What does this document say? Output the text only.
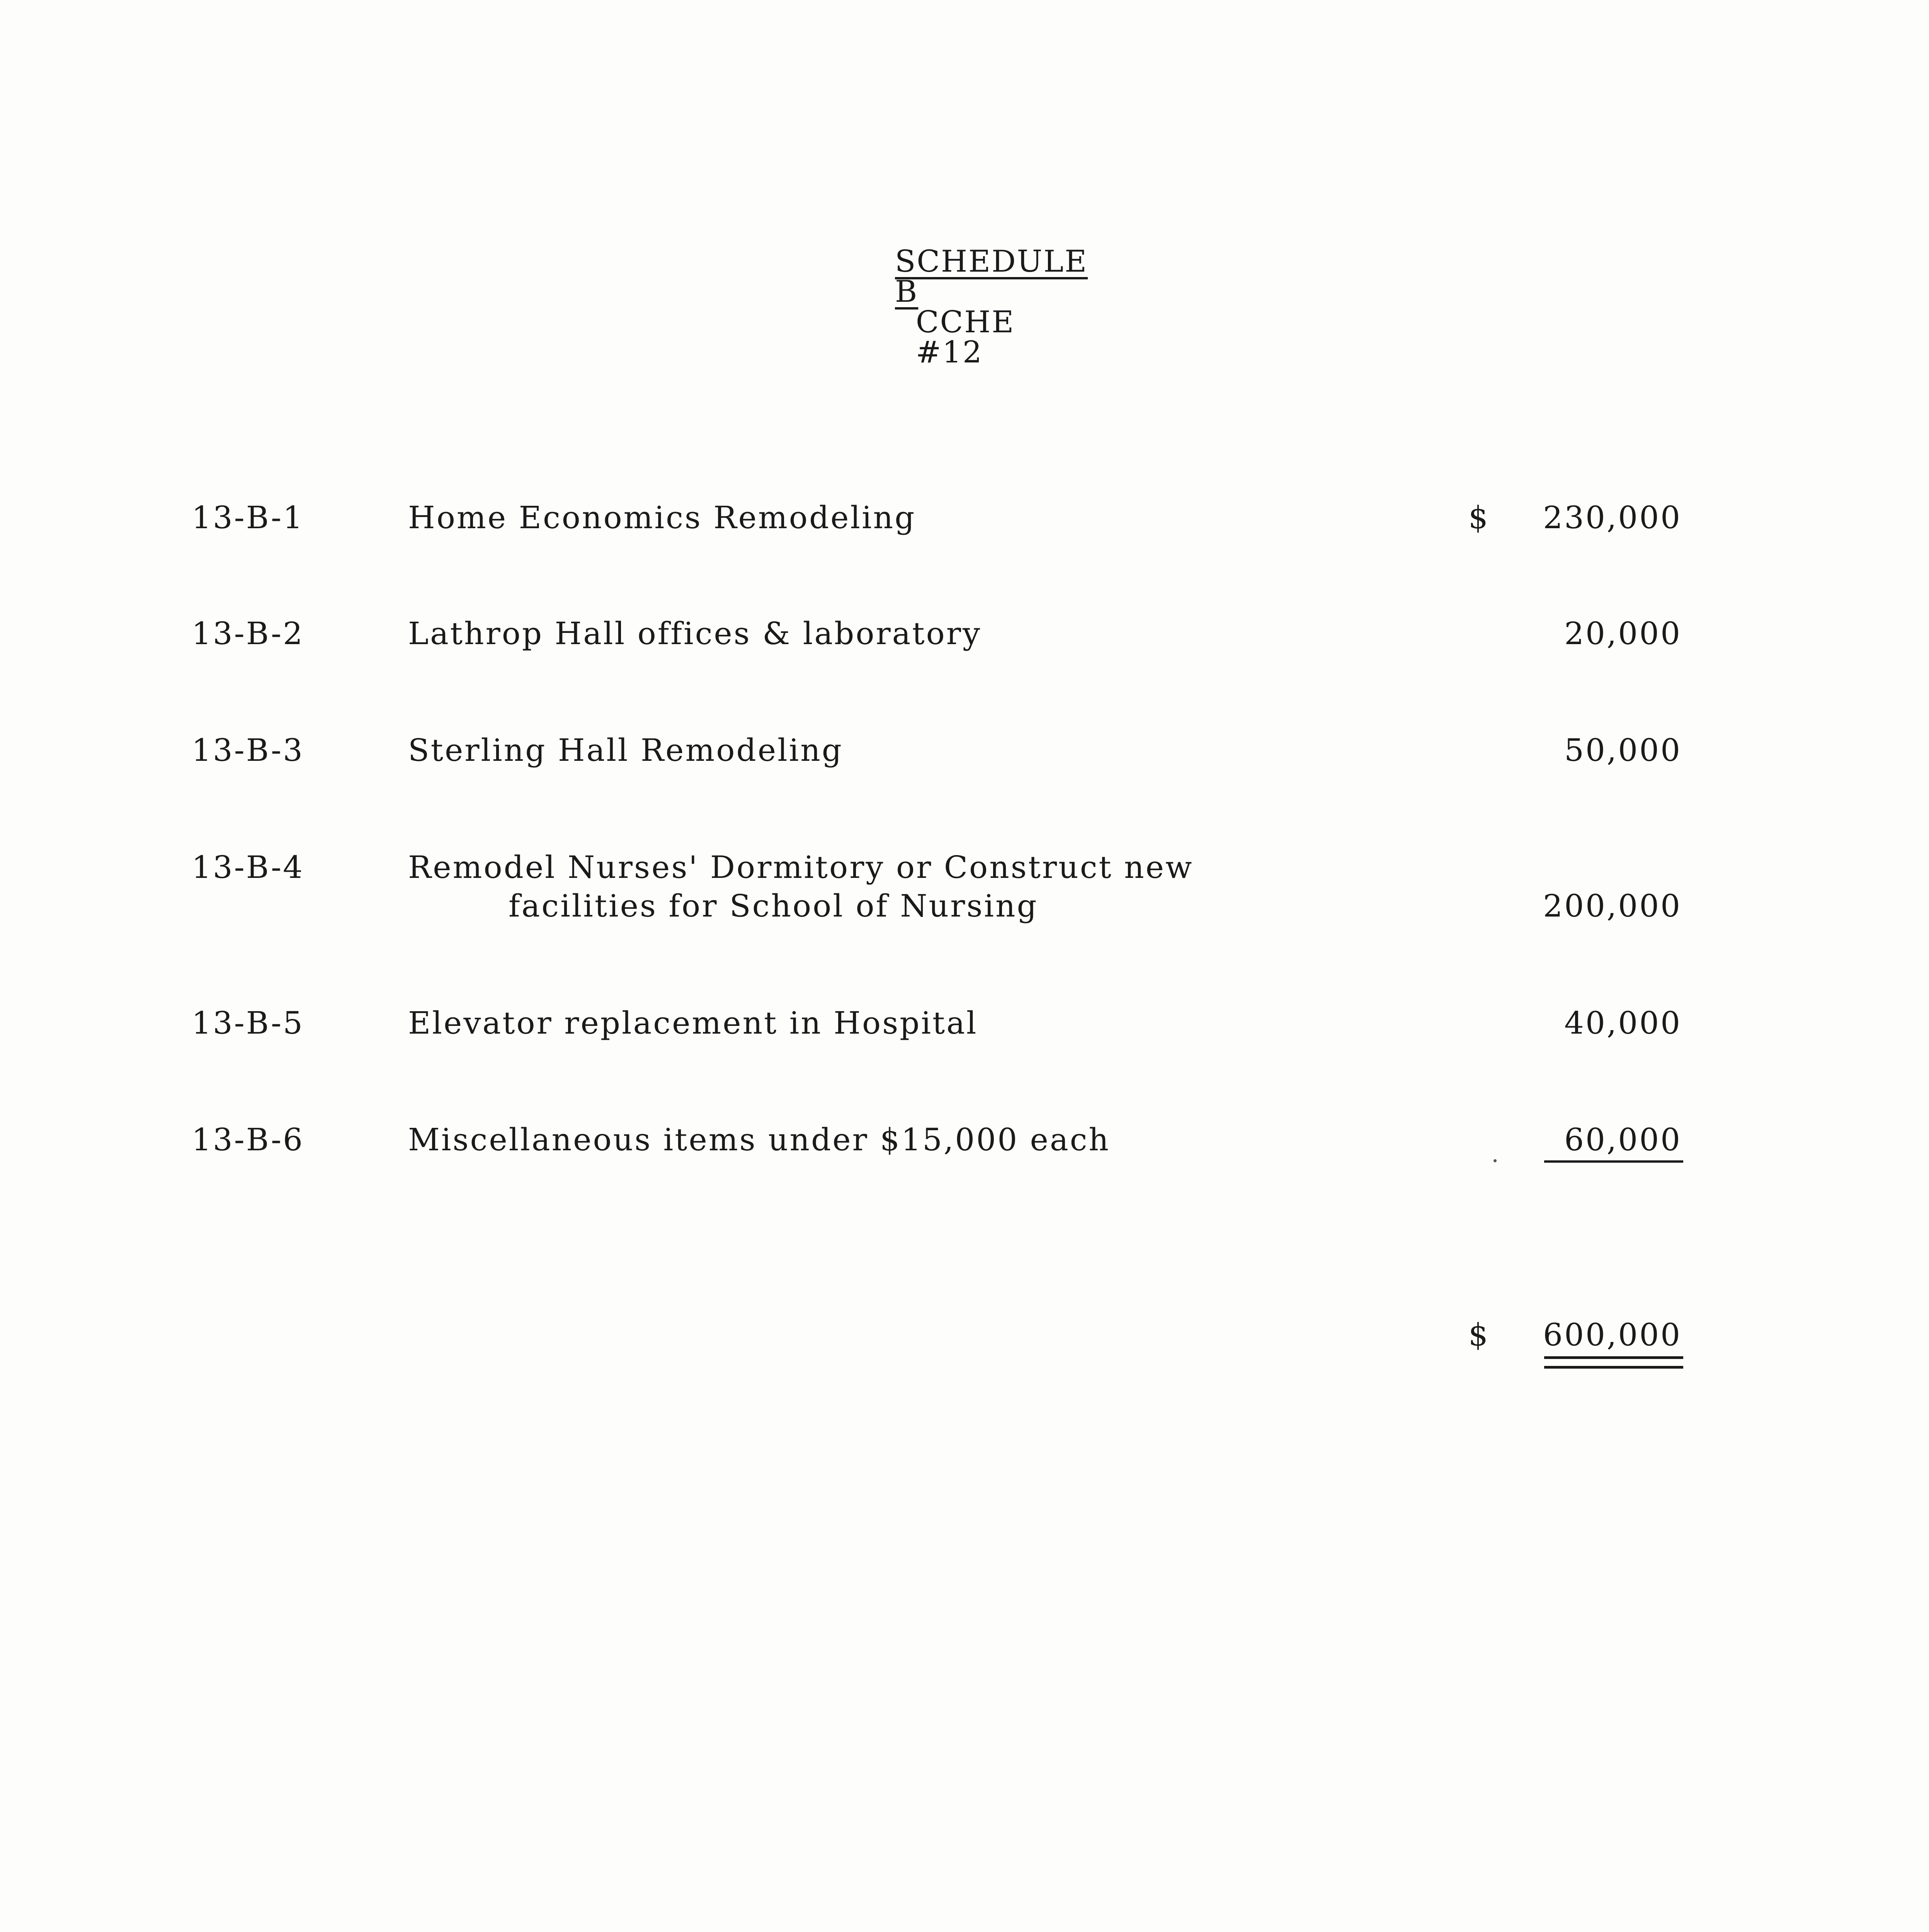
SCHEDULE B
CCHE #12
13-B-1	Home Economics Remodeling	$ 230,000
13-B-2	Lathrop Hall offices & laboratory	20,000
13-B-3	Sterling Hall Remodeling	50,000
13-B-4	Remodel Nurses' Dormitory or Construct new
facilities for School of Nursing	200,000
13-B-5	Elevator replacement in Hospital	40,000
13-B-6	Miscellaneous items under $15,000 each	60,000
$ 600,000
